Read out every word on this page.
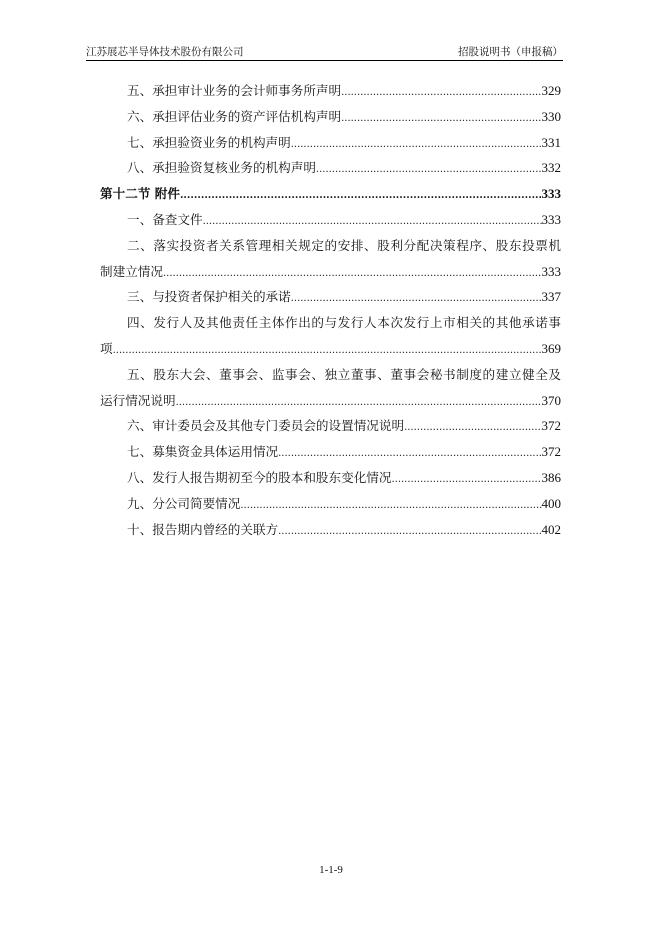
江苏展芯半导体技术股份有限公司	招股说明书（申报稿）
五、承担审计业务的会计师事务所声明 .....	329
六、承担评估业务的资产评估机构声明 .....	330
七、承担验资业务的机构声明 .....	331
八、承担验资复核业务的机构声明 .....	332
第十二节 附件 .....	333
一、备查文件 .....	333
二、落实投资者关系管理相关规定的安排、股利分配决策程序、股东投票机
制建立情况 .....	333
三、与投资者保护相关的承诺 .....	337
四、发行人及其他责任主体作出的与发行人本次发行上市相关的其他承诺事
项 .....	369
五、股东大会、董事会、监事会、独立董事、董事会秘书制度的建立健全及
运行情况说明 .....	370
六、审计委员会及其他专门委员会的设置情况说明 .....	372
七、募集资金具体运用情况 .....	372
八、发行人报告期初至今的股本和股东变化情况 .....	386
九、分公司简要情况 .....	400
十、报告期内曾经的关联方 .....	402
1-1-9
